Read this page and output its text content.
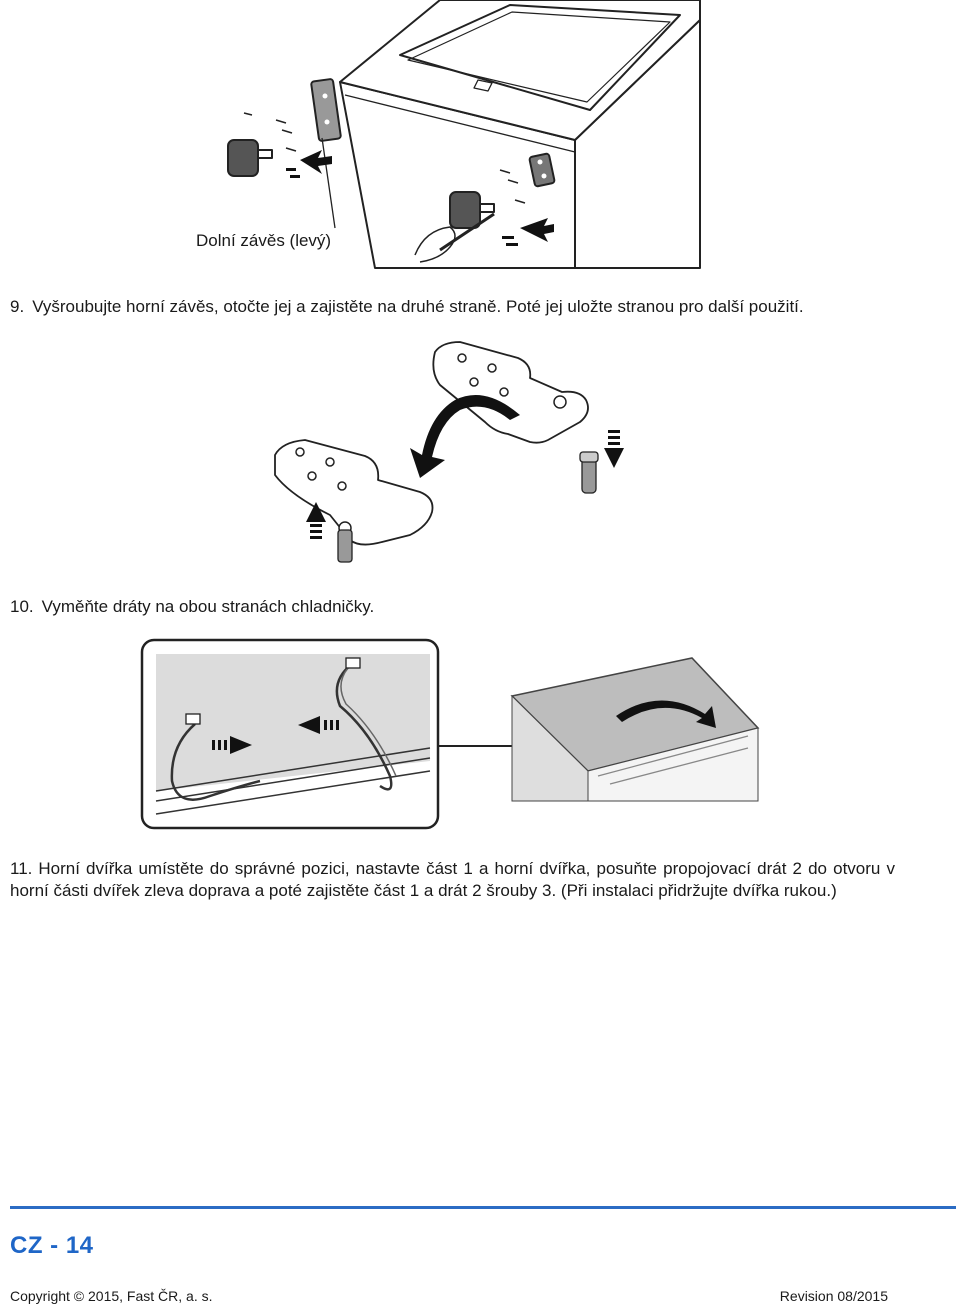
Dolní závěs (levý)
9. Vyšroubujte horní závěs, otočte jej a zajistěte na druhé straně. Poté jej uložte stranou pro další použití.
10. Vyměňte dráty na obou stranách chladničky.
11. Horní dvířka umístěte do správné pozici, nastavte část 1 a horní dvířka, posuňte propojovací drát 2 do otvoru v horní části dvířek zleva doprava a poté zajistěte část 1 a drát 2 šrouby 3. (Při instalaci přidržujte dvířka rukou.)
CZ - 14
Copyright © 2015, Fast ČR, a. s.	Revision 08/2015
